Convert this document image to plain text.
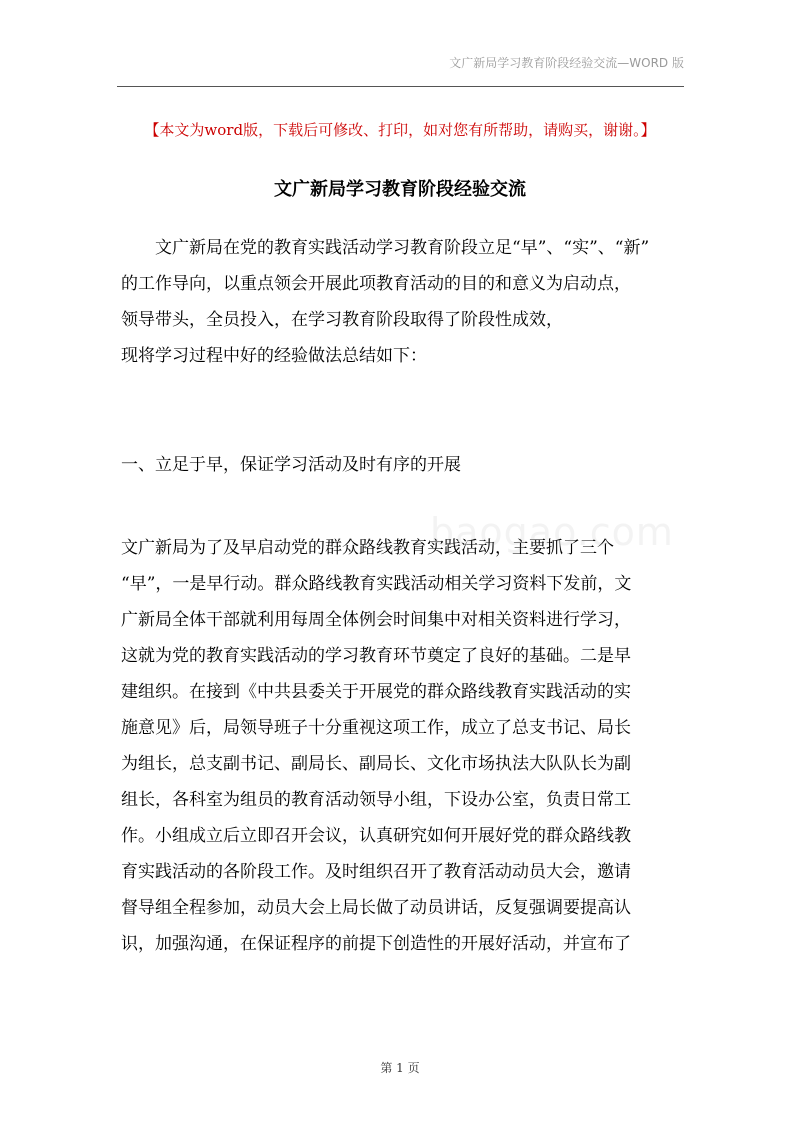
文广新局学习教育阶段经验交流—WORD 版
【本文为word版，下载后可修改、打印，如对您有所帮助，请购买，谢谢。】
文广新局学习教育阶段经验交流
文广新局在党的教育实践活动学习教育阶段立足“早”、“实”、“新”
的工作导向，以重点领会开展此项教育活动的目的和意义为启动点，
领导带头，全员投入，在学习教育阶段取得了阶段性成效，
现将学习过程中好的经验做法总结如下：
一、立足于早，保证学习活动及时有序的开展
文广新局为了及早启动党的群众路线教育实践活动，主要抓了三个
“早”，一是早行动。群众路线教育实践活动相关学习资料下发前，文
广新局全体干部就利用每周全体例会时间集中对相关资料进行学习，
这就为党的教育实践活动的学习教育环节奠定了良好的基础。二是早
建组织。在接到《中共县委关于开展党的群众路线教育实践活动的实
施意见》后，局领导班子十分重视这项工作，成立了总支书记、局长
为组长，总支副书记、副局长、副局长、文化市场执法大队队长为副
组长，各科室为组员的教育活动领导小组，下设办公室，负责日常工
作。小组成立后立即召开会议，认真研究如何开展好党的群众路线教
育实践活动的各阶段工作。及时组织召开了教育活动动员大会，邀请
督导组全程参加，动员大会上局长做了动员讲话，反复强调要提高认
识，加强沟通，在保证程序的前提下创造性的开展好活动，并宣布了
baogao.com
第 1 页
